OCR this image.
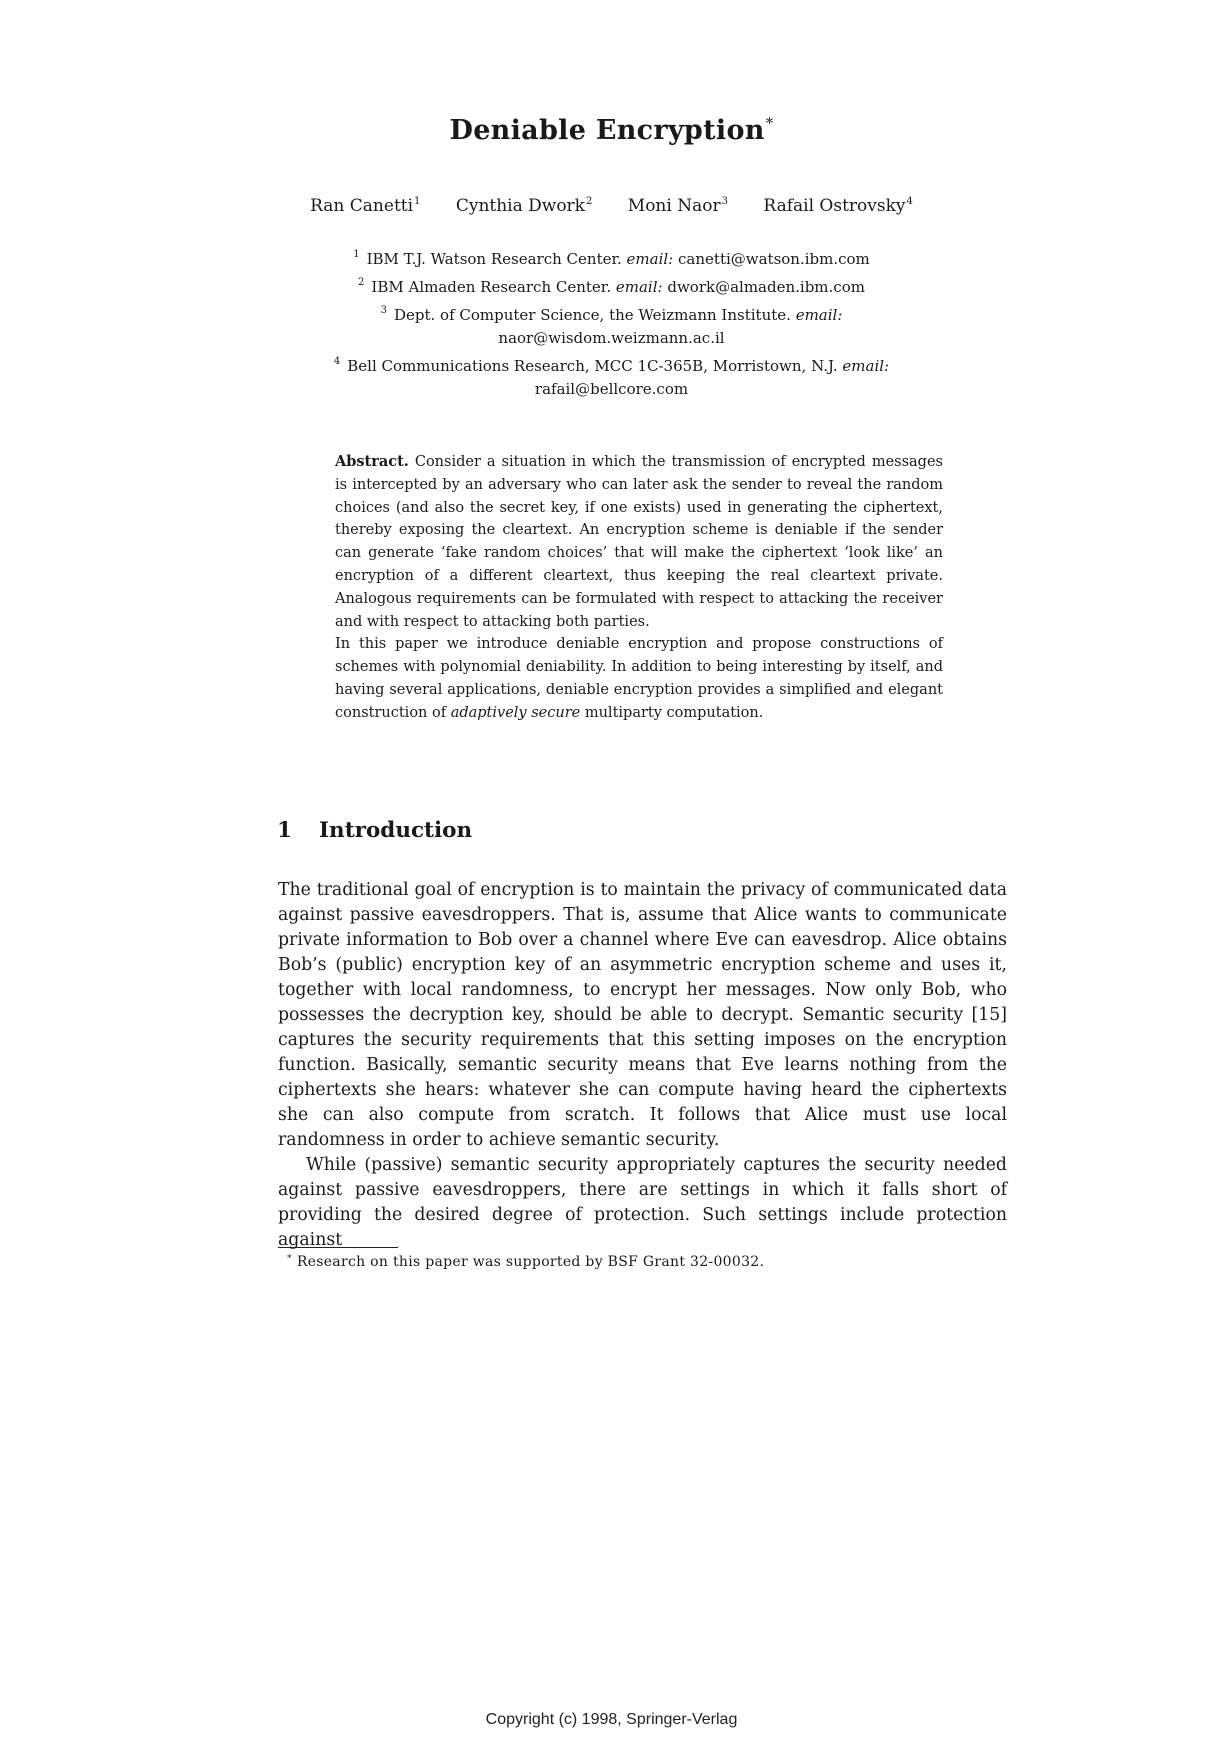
Deniable Encryption*
Ran Canetti$^1$ Cynthia Dwork$^2$ Moni Naor$^3$ Rafail Ostrovsky$^4$
$^1$ IBM T.J. Watson Research Center. email: canetti@watson.ibm.com
$^2$ IBM Almaden Research Center. email: dwork@almaden.ibm.com
$^3$ Dept. of Computer Science, the Weizmann Institute. email:
naor@wisdom.weizmann.ac.il
$^4$ Bell Communications Research, MCC 1C-365B, Morristown, N.J. email:
rafail@bellcore.com

Abstract. Consider a situation in which the transmission of encrypted messages is intercepted by an adversary who can later ask the sender to reveal the random choices (and also the secret key, if one exists) used in generating the ciphertext, thereby exposing the cleartext. An encryption scheme is deniable if the sender can generate ‘fake random choices’ that will make the ciphertext ‘look like’ an encryption of a different cleartext, thus keeping the real cleartext private. Analogous requirements can be formulated with respect to attacking the receiver and with respect to attacking both parties.

In this paper we introduce deniable encryption and propose constructions of schemes with polynomial deniability. In addition to being interesting by itself, and having several applications, deniable encryption provides a simplified and elegant construction of adaptively secure multiparty computation.

1 Introduction

The traditional goal of encryption is to maintain the privacy of communicated data against passive eavesdroppers. That is, assume that Alice wants to communicate private information to Bob over a channel where Eve can eavesdrop. Alice obtains Bob’s (public) encryption key of an asymmetric encryption scheme and uses it, together with local randomness, to encrypt her messages. Now only Bob, who possesses the decryption key, should be able to decrypt. Semantic security [15] captures the security requirements that this setting imposes on the encryption function. Basically, semantic security means that Eve learns nothing from the ciphertexts she hears: whatever she can compute having heard the ciphertexts she can also compute from scratch. It follows that Alice must use local randomness in order to achieve semantic security.

While (passive) semantic security appropriately captures the security needed against passive eavesdroppers, there are settings in which it falls short of providing the desired degree of protection. Such settings include protection against

* Research on this paper was supported by BSF Grant 32-00032.
Copyright (c) 1998, Springer-Verlag
